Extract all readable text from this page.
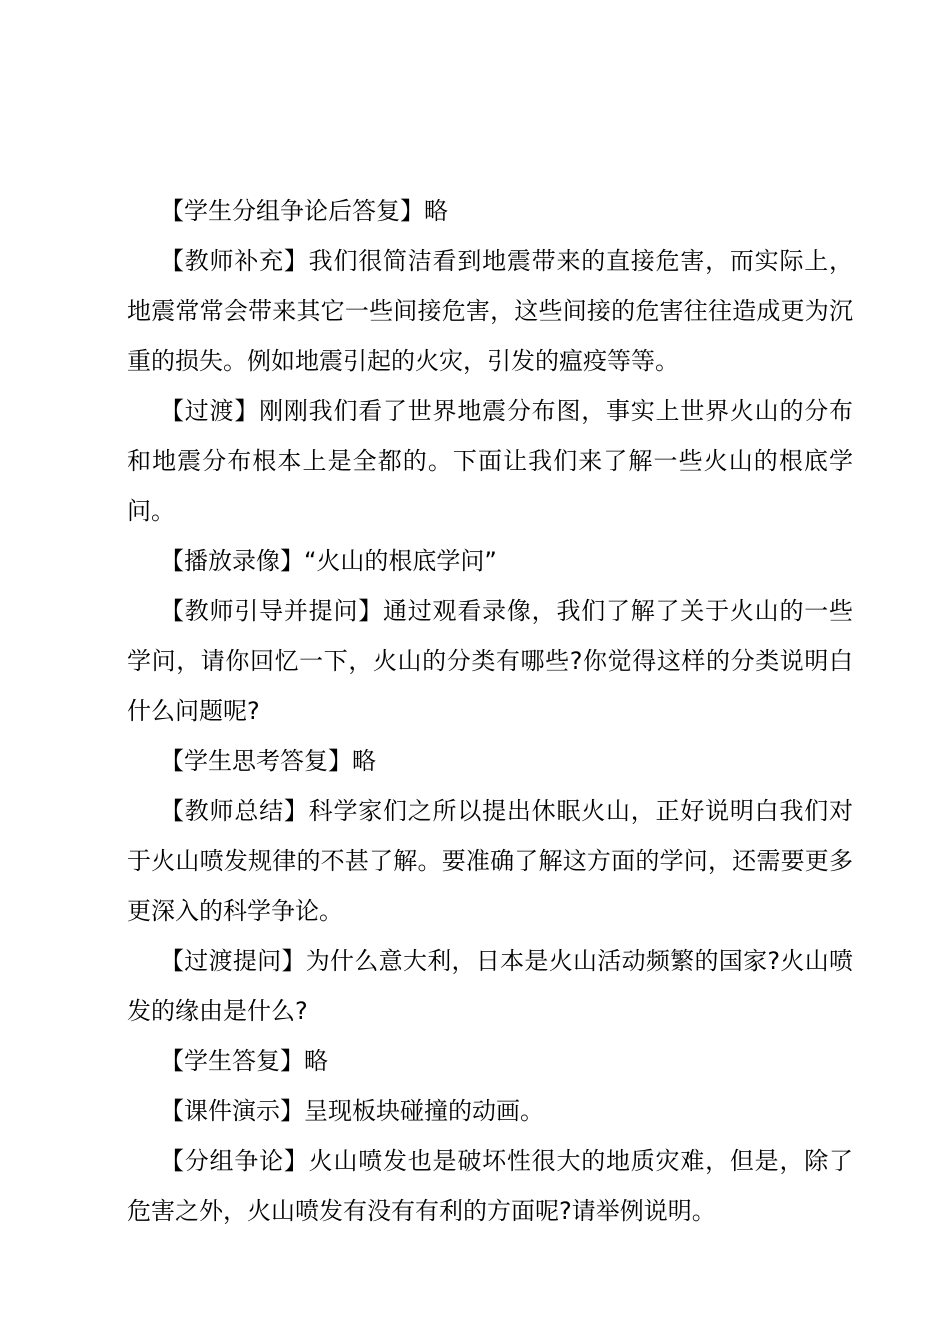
【学生分组争论后答复】略

【教师补充】我们很简洁看到地震带来的直接危害，而实际上，地震常常会带来其它一些间接危害，这些间接的危害往往造成更为沉重的损失。例如地震引起的火灾，引发的瘟疫等等。

【过渡】刚刚我们看了世界地震分布图，事实上世界火山的分布和地震分布根本上是全都的。下面让我们来了解一些火山的根底学问。

【播放录像】“火山的根底学问”

【教师引导并提问】通过观看录像，我们了解了关于火山的一些学问，请你回忆一下，火山的分类有哪些?你觉得这样的分类说明白什么问题呢?

【学生思考答复】略

【教师总结】科学家们之所以提出休眠火山，正好说明白我们对于火山喷发规律的不甚了解。要准确了解这方面的学问，还需要更多更深入的科学争论。

【过渡提问】为什么意大利，日本是火山活动频繁的国家?火山喷发的缘由是什么?

【学生答复】略

【课件演示】呈现板块碰撞的动画。

【分组争论】火山喷发也是破坏性很大的地质灾难，但是，除了危害之外，火山喷发有没有有利的方面呢?请举例说明。
